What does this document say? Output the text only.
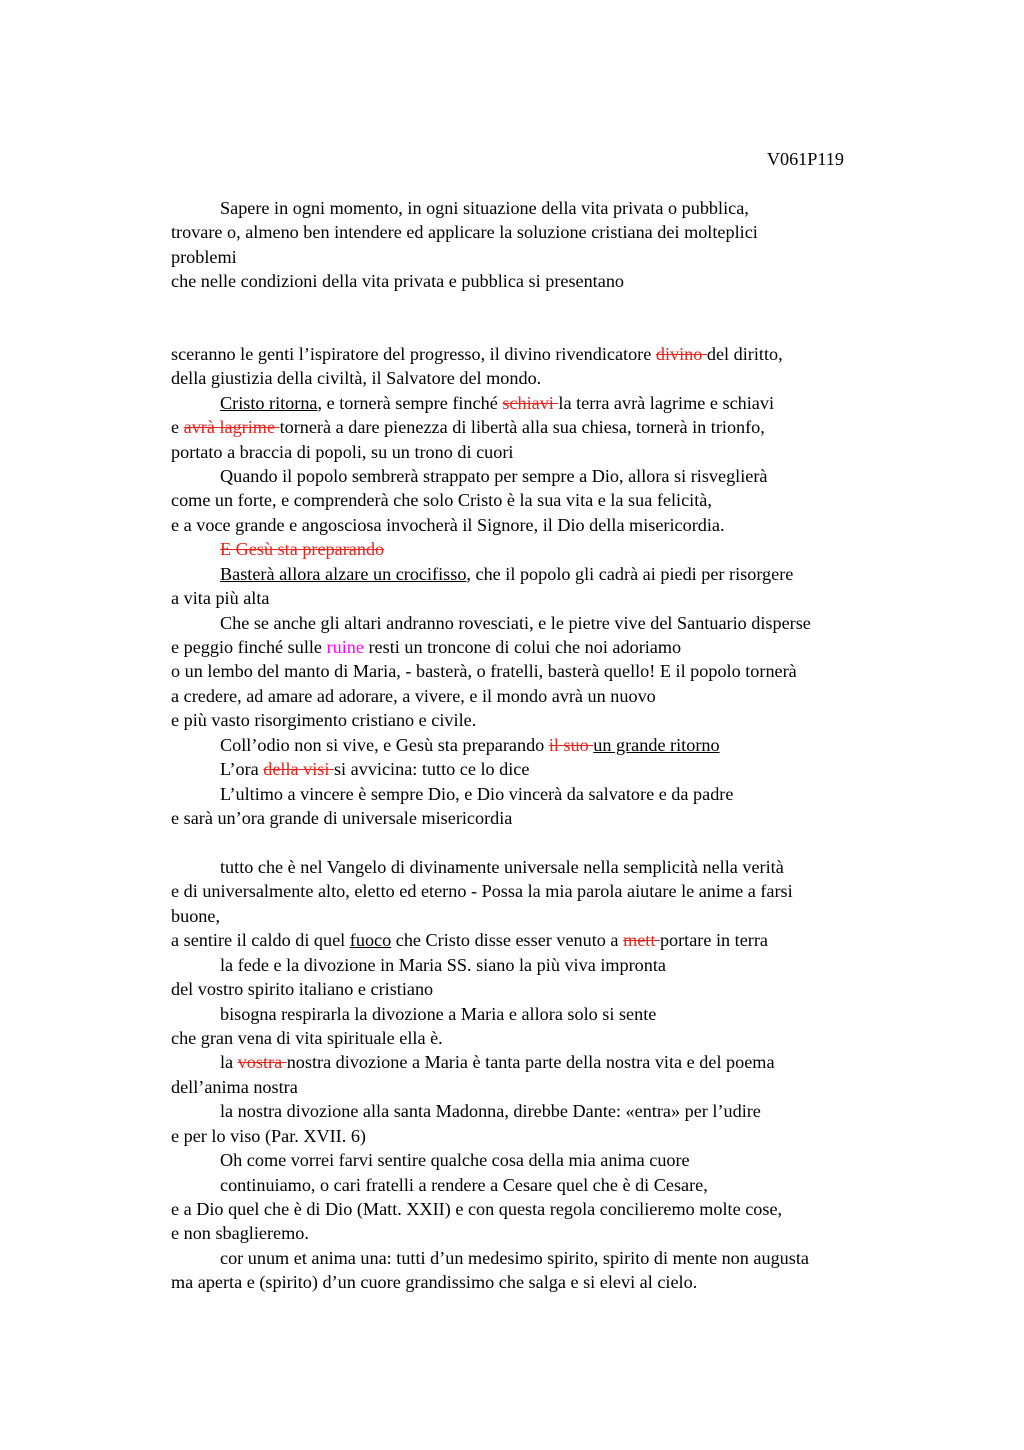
V061P119
Sapere in ogni momento, in ogni situazione della vita privata o pubblica,
trovare o, almeno ben intendere ed applicare la soluzione cristiana dei molteplici
problemi
che nelle condizioni della vita privata e pubblica si presentano
sceranno le genti l’ispiratore del progresso, il divino rivendicatore divino del diritto,
della giustizia della civiltà, il Salvatore del mondo.
Cristo ritorna, e tornerà sempre finché schiavi la terra avrà lagrime e schiavi
e avrà lagrime tornerà a dare pienezza di libertà alla sua chiesa, tornerà in trionfo,
portato a braccia di popoli, su un trono di cuori
Quando il popolo sembrerà strappato per sempre a Dio, allora si risveglierà
come un forte, e comprenderà che solo Cristo è la sua vita e la sua felicità,
e a voce grande e angosciosa invocherà il Signore, il Dio della misericordia.
E Gesù sta preparando
Basterà allora alzare un crocifisso, che il popolo gli cadrà ai piedi per risorgere
a vita più alta
Che se anche gli altari andranno rovesciati, e le pietre vive del Santuario disperse
e peggio finché sulle ruine resti un troncone di colui che noi adoriamo
o un lembo del manto di Maria, - basterà, o fratelli, basterà quello! E il popolo tornerà
a credere, ad amare ad adorare, a vivere, e il mondo avrà un nuovo
e più vasto risorgimento cristiano e civile.
Coll’odio non si vive, e Gesù sta preparando il suo un grande ritorno
L’ora della visi si avvicina: tutto ce lo dice
L’ultimo a vincere è sempre Dio, e Dio vincerà da salvatore e da padre
e sarà un’ora grande di universale misericordia
tutto che è nel Vangelo di divinamente universale nella semplicità nella verità
e di universalmente alto, eletto ed eterno - Possa la mia parola aiutare le anime a farsi
buone,
a sentire il caldo di quel fuoco che Cristo disse esser venuto a mett portare in terra
la fede e la divozione in Maria SS. siano la più viva impronta
del vostro spirito italiano e cristiano
bisogna respirarla la divozione a Maria e allora solo si sente
che gran vena di vita spirituale ella è.
la vostra nostra divozione a Maria è tanta parte della nostra vita e del poema
dell’anima nostra
la nostra divozione alla santa Madonna, direbbe Dante: «entra» per l’udire
e per lo viso (Par. XVII. 6)
Oh come vorrei farvi sentire qualche cosa della mia anima cuore
continuiamo, o cari fratelli a rendere a Cesare quel che è di Cesare,
e a Dio quel che è di Dio (Matt. XXII) e con questa regola concilieremo molte cose,
e non sbaglieremo.
cor unum et anima una: tutti d’un medesimo spirito, spirito di mente non augusta
ma aperta e (spirito) d’un cuore grandissimo che salga e si elevi al cielo.
